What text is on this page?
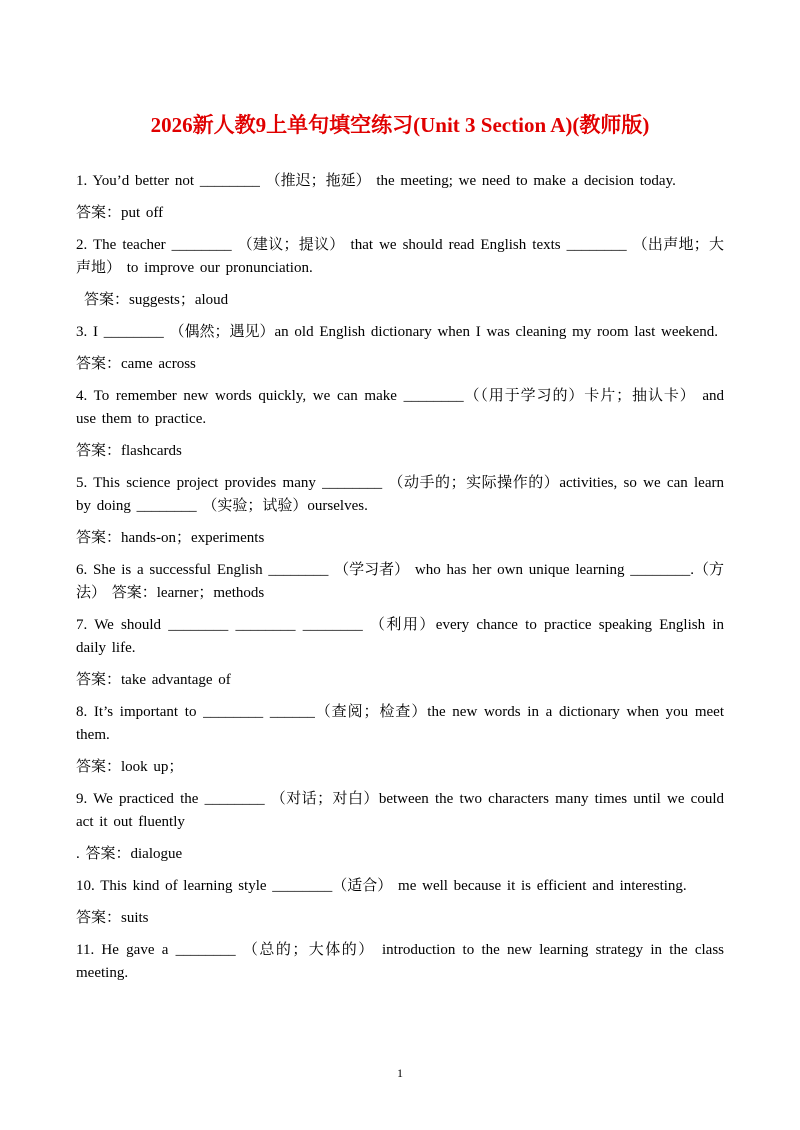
2026新人教9上单句填空练习(Unit 3 Section A)(教师版)
1. You’d better not ________ （推迟；拖延） the meeting; we need to make a decision today.
答案：put off
2. The teacher ________ （建议；提议） that we should read English texts ________ （出声地；大声地） to improve our pronunciation.
答案：suggests；aloud
3. I ________ （偶然；遇见）an old English dictionary when I was cleaning my room last weekend.
答案：came across
4. To remember new words quickly, we can make ________（（用于学习的）卡片；抽认卡） and use them to practice.
答案：flashcards
5. This science project provides many ________ （动手的；实际操作的）activities, so we can learn by doing ________ （实验；试验）ourselves.
答案：hands-on；experiments
6. She is a successful English ________ （学习者） who has her own unique learning ________.（方法） 答案：learner；methods
7. We should ________ ________ ________ （利用）every chance to practice speaking English in daily life.
答案：take advantage of
8. It’s important to ________ ______（查阅；检查）the new words in a dictionary when you meet them.
答案：look up；
9. We practiced the ________ （对话；对白）between the two characters many times until we could act it out fluently
. 答案：dialogue
10. This kind of learning style ________（适合） me well because it is efficient and interesting.
答案：suits
11. He gave a ________ （总的；大体的） introduction to the new learning strategy in the class meeting.
1
